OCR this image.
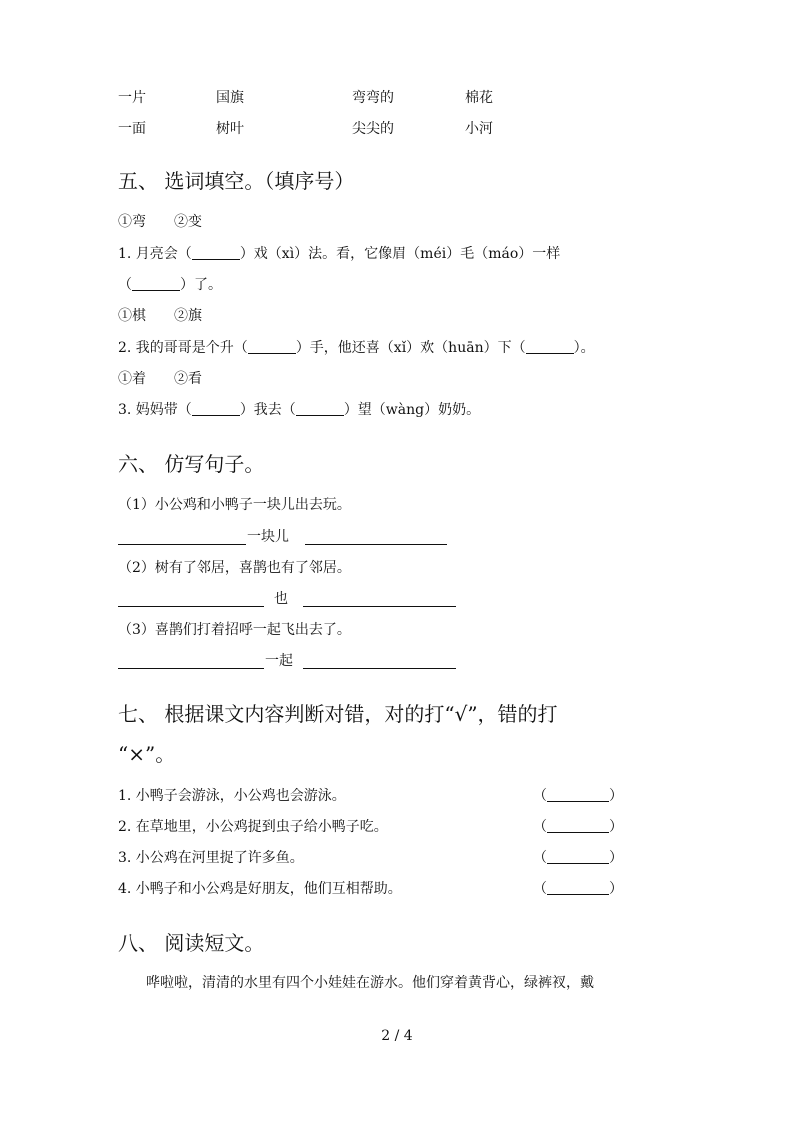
一片	国旗	弯弯的	棉花
一面	树叶	尖尖的	小河
五、 选词填空。（填序号）
①弯　　②变
1. 月亮会（	）戏（xì）法。看，它像眉（méi）毛（máo）一样
（	）了。
①棋　　②旗
2. 我的哥哥是个升（	）手，他还喜（xǐ）欢（huān）下（	）。
①着　　②看
3. 妈妈带（	）我去（	）望（wàng）奶奶。
六、 仿写句子。
（1）小公鸡和小鸭子一块儿出去玩。
一块儿
（2）树有了邻居，喜鹊也有了邻居。
也
（3）喜鹊们打着招呼一起飞出去了。
一起
七、 根据课文内容判断对错，对的打“√”，错的打
“×”。
1. 小鸭子会游泳，小公鸡也会游泳。	（	）
2. 在草地里，小公鸡捉到虫子给小鸭子吃。	（	）
3. 小公鸡在河里捉了许多鱼。	（	）
4. 小鸭子和小公鸡是好朋友，他们互相帮助。	（	）
八、 阅读短文。
哗啦啦，清清的水里有四个小娃娃在游水。他们穿着黄背心，绿裤衩，戴
2 / 4
